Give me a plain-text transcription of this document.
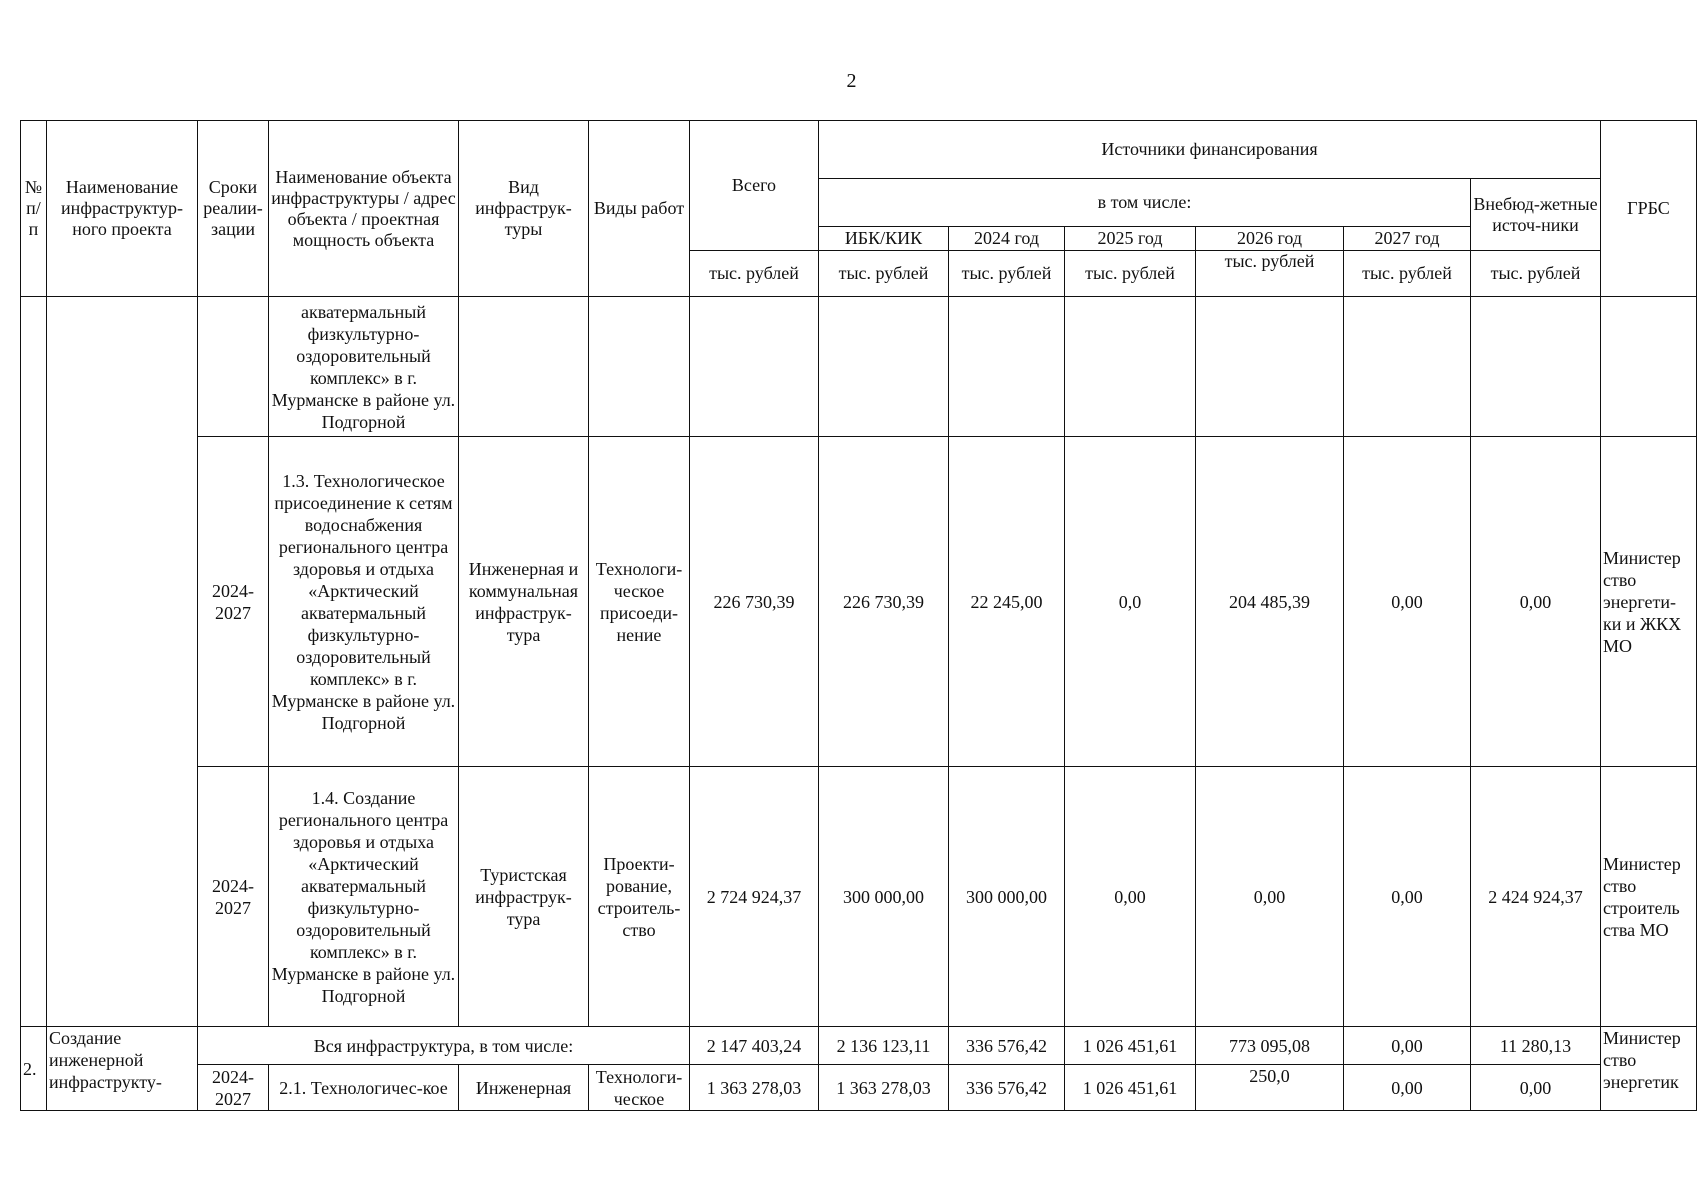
2
№ п/п	Наименование инфраструктур-ного проекта	Сроки реалии-зации	Наименование объекта инфраструктуры / адрес объекта / проектная мощность объекта	Вид инфраструк-туры	Виды работ	Всего	Источники финансирования						ГРБС
							в том числе:					Внебюд-жетные источ-ники	
							ИБК/КИК	2024 год	2025 год	2026 год	2027 год		
						тыс. рублей	тыс. рублей	тыс. рублей	тыс. рублей	тыс. рублей	тыс. рублей	тыс. рублей	
			акватермальный физкультурно-оздоровительный комплекс» в г. Мурманске в районе ул. Подгорной										
		2024-2027	1.3. Технологическое присоединение к сетям водоснабжения регионального центра здоровья и отдыха «Арктический акватермальный физкультурно-оздоровительный комплекс» в г. Мурманске в районе ул. Подгорной	Инженерная и коммунальная инфраструк-тура	Технологи-ческое присоеди-нение	226 730,39	226 730,39	22 245,00	0,0	204 485,39	0,00	0,00	Министер ство энергети-ки и ЖКХ МО
		2024-2027	1.4. Создание регионального центра здоровья и отдыха «Арктический акватермальный физкультурно-оздоровительный комплекс» в г. Мурманске в районе ул. Подгорной	Туристская инфраструк-тура	Проекти-рование, строитель-ство	2 724 924,37	300 000,00	300 000,00	0,00	0,00	0,00	2 424 924,37	Министер ство строитель ства МО
2.	Создание инженерной инфраструкту-	Вся инфраструктура, в том числе:				2 147 403,24	2 136 123,11	336 576,42	1 026 451,61	773 095,08	0,00	11 280,13	Министер ство энергетик
		2024-2027	2.1. Технологичес-кое	Инженерная	Технологи-ческое	1 363 278,03	1 363 278,03	336 576,42	1 026 451,61	250,0	0,00	0,00	
